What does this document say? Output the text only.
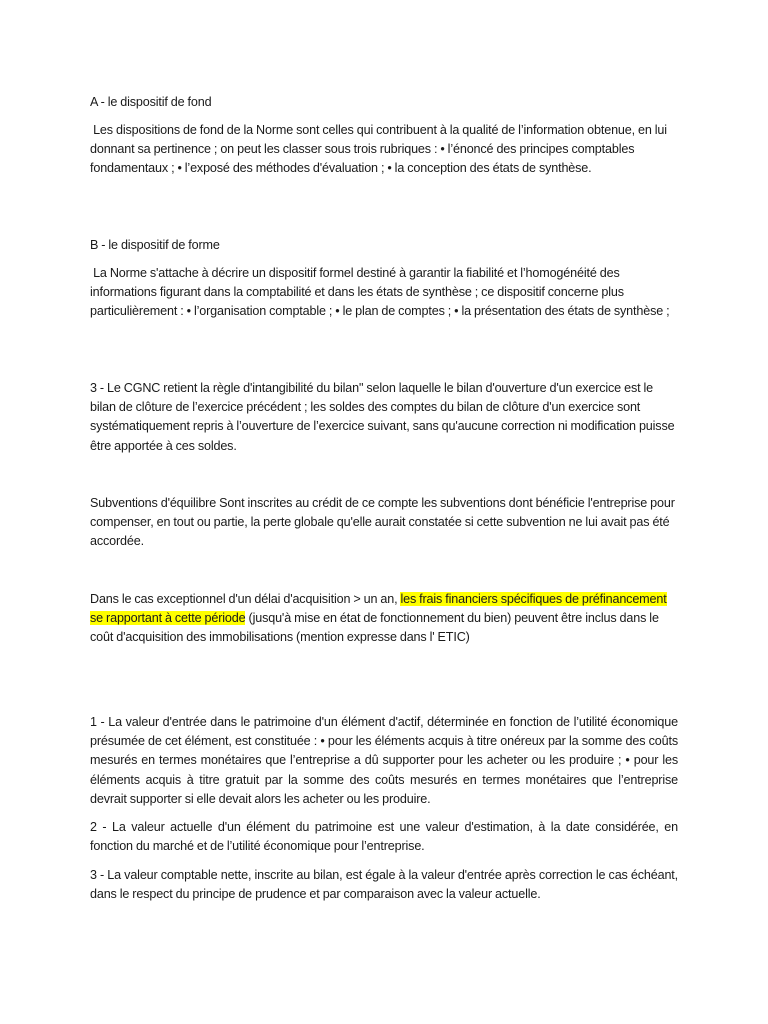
A - le dispositif de fond

Les dispositions de fond de la Norme sont celles qui contribuent à la qualité de l’information obtenue, en lui donnant sa pertinence ; on peut les classer sous trois rubriques : • l’énoncé des principes comptables fondamentaux ; • l’exposé des méthodes d'évaluation ; • la conception des états de synthèse.

B - le dispositif de forme

La Norme s'attache à décrire un dispositif formel destiné à garantir la fiabilité et l’homogénéité des informations figurant dans la comptabilité et dans les états de synthèse ; ce dispositif concerne plus particulièrement : • l’organisation comptable ; • le plan de comptes ; • la présentation des états de synthèse ;

3 - Le CGNC retient la règle d'intangibilité du bilan" selon laquelle le bilan d'ouverture d'un exercice est le bilan de clôture de l’exercice précédent ; les soldes des comptes du bilan de clôture d'un exercice sont systématiquement repris à l’ouverture de l’exercice suivant, sans qu'aucune correction ni modification puisse être apportée à ces soldes.

Subventions d'équilibre Sont inscrites au crédit de ce compte les subventions dont bénéficie l'entreprise pour compenser, en tout ou partie, la perte globale qu'elle aurait constatée si cette subvention ne lui avait pas été accordée.

Dans le cas exceptionnel d'un délai d'acquisition > un an, les frais financiers spécifiques de préfinancement se rapportant à cette période (jusqu'à mise en état de fonctionnement du bien) peuvent être inclus dans le coût d'acquisition des immobilisations (mention expresse dans l' ETIC)

1 - La valeur d'entrée dans le patrimoine d'un élément d'actif, déterminée en fonction de l’utilité économique présumée de cet élément, est constituée : • pour les éléments acquis à titre onéreux par la somme des coûts mesurés en termes monétaires que l’entreprise a dû supporter pour les acheter ou les produire ; • pour les éléments acquis à titre gratuit par la somme des coûts mesurés en termes monétaires que l’entreprise devrait supporter si elle devait alors les acheter ou les produire.

2 - La valeur actuelle d'un élément du patrimoine est une valeur d'estimation, à la date considérée, en fonction du marché et de l’utilité économique pour l’entreprise.

3 - La valeur comptable nette, inscrite au bilan, est égale à la valeur d'entrée après correction le cas échéant, dans le respect du principe de prudence et par comparaison avec la valeur actuelle.
